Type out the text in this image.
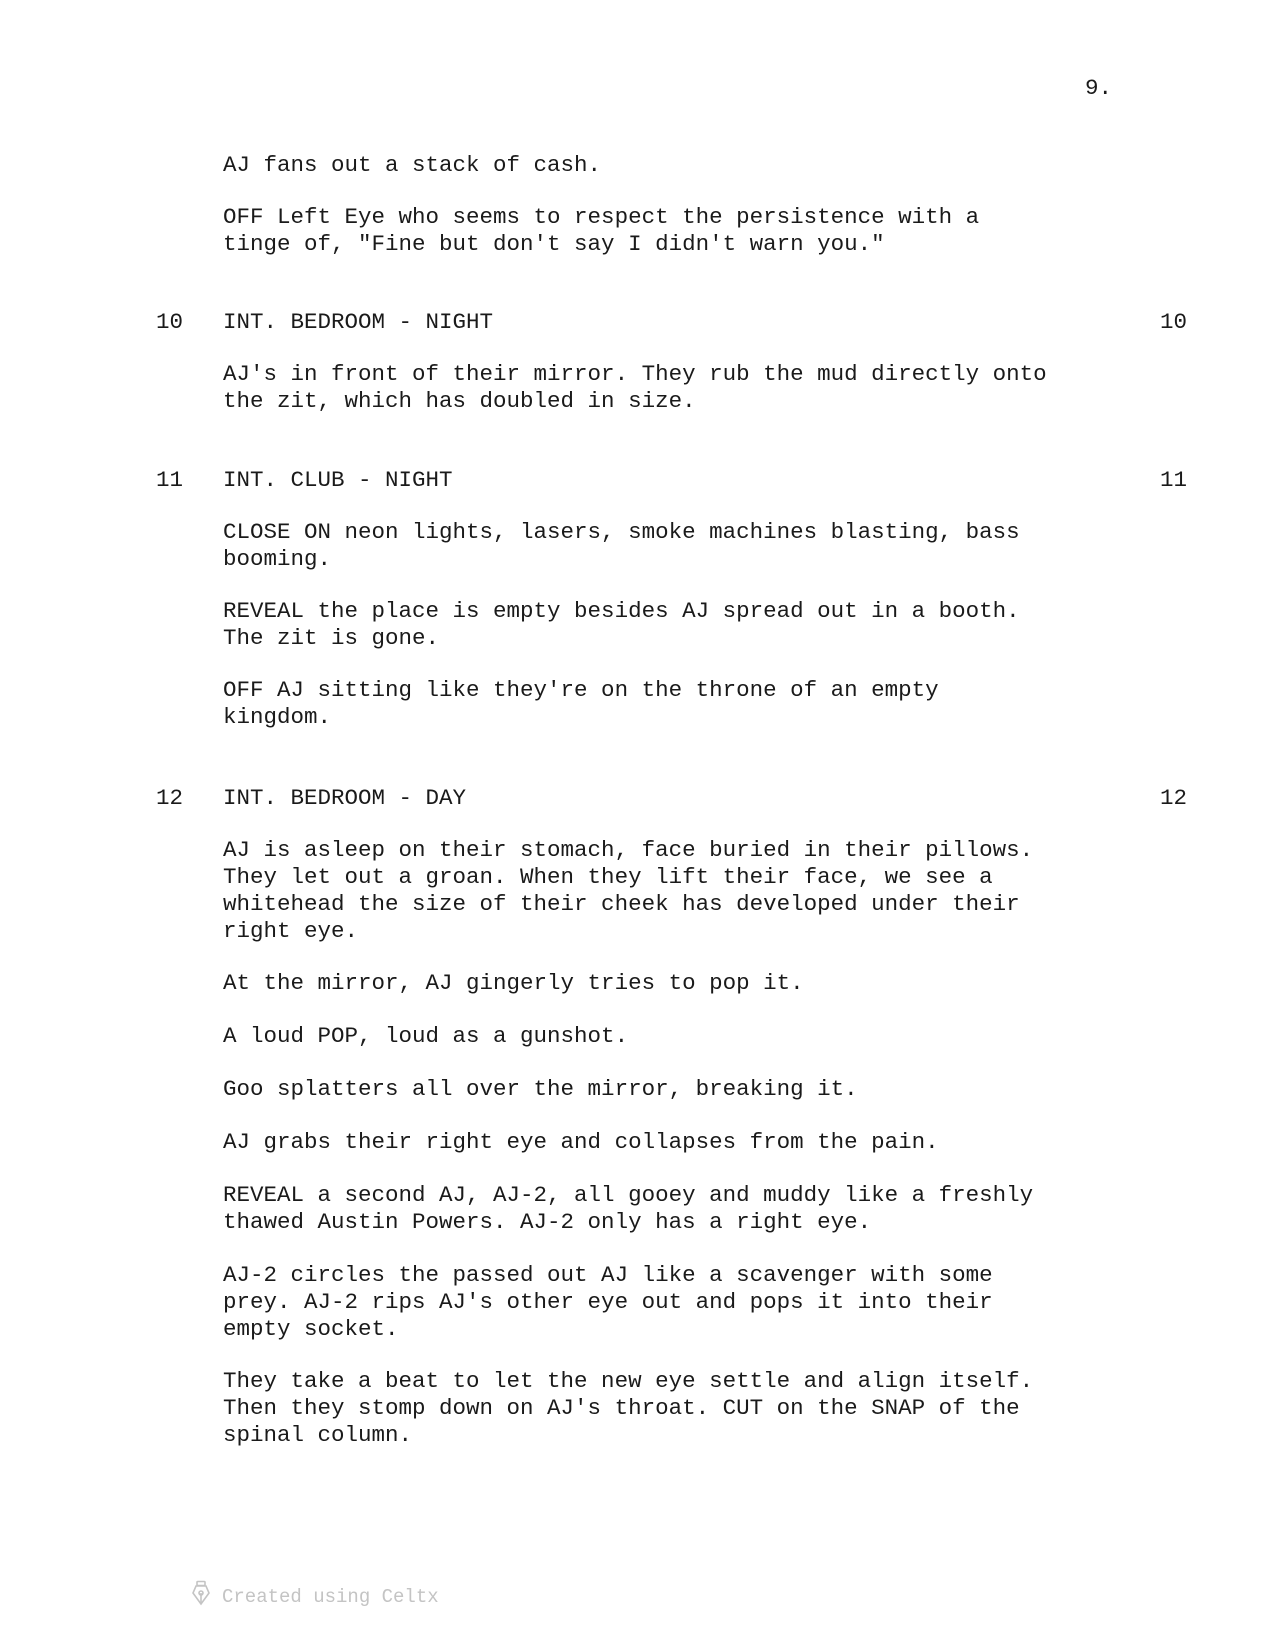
9.

AJ fans out a stack of cash.

OFF Left Eye who seems to respect the persistence with a
tinge of, "Fine but don't say I didn't warn you."

10 INT. BEDROOM - NIGHT	10

AJ's in front of their mirror. They rub the mud directly onto
the zit, which has doubled in size.

11 INT. CLUB - NIGHT	11

CLOSE ON neon lights, lasers, smoke machines blasting, bass
booming.

REVEAL the place is empty besides AJ spread out in a booth.
The zit is gone.

OFF AJ sitting like they're on the throne of an empty
kingdom.

12 INT. BEDROOM - DAY	12

AJ is asleep on their stomach, face buried in their pillows.
They let out a groan. When they lift their face, we see a
whitehead the size of their cheek has developed under their
right eye.

At the mirror, AJ gingerly tries to pop it.

A loud POP, loud as a gunshot.

Goo splatters all over the mirror, breaking it.

AJ grabs their right eye and collapses from the pain.

REVEAL a second AJ, AJ-2, all gooey and muddy like a freshly
thawed Austin Powers. AJ-2 only has a right eye.

AJ-2 circles the passed out AJ like a scavenger with some
prey. AJ-2 rips AJ's other eye out and pops it into their
empty socket.

They take a beat to let the new eye settle and align itself.
Then they stomp down on AJ's throat. CUT on the SNAP of the
spinal column.

Created using Celtx
